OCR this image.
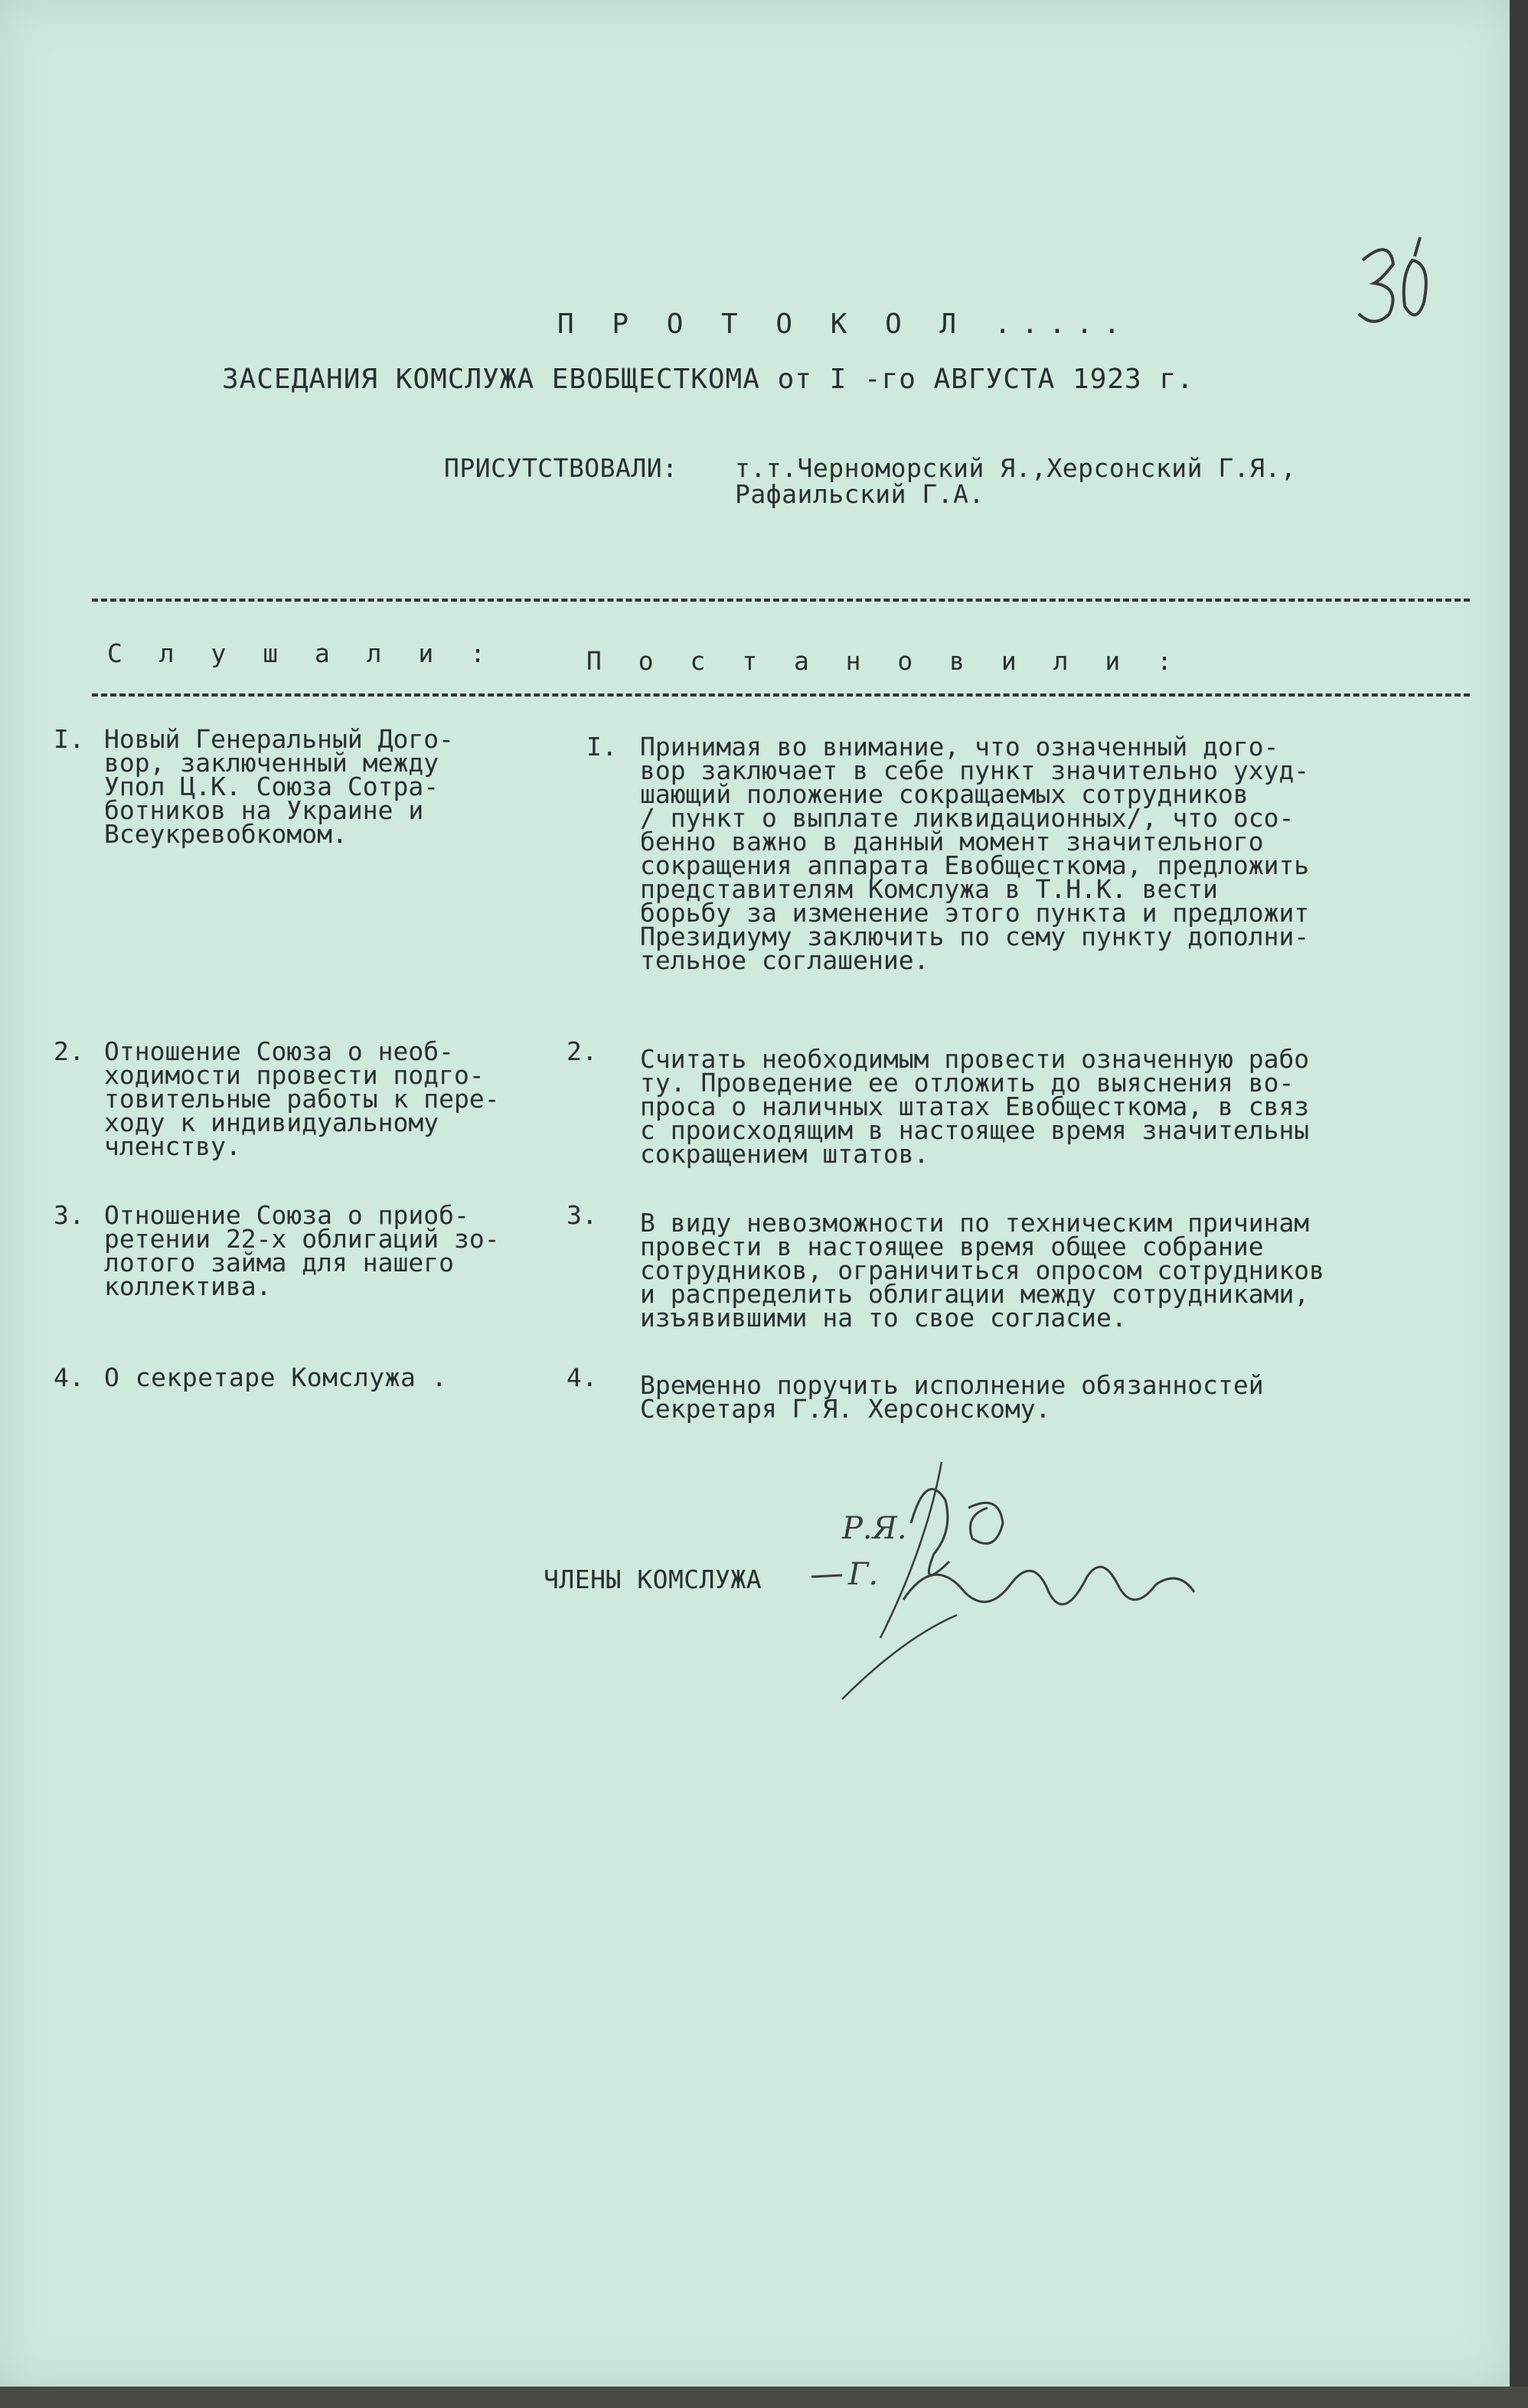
30
П Р О Т О К О Л .....
ЗАСЕДАНИЯ КОМСЛУЖА ЕВОБЩЕСТКОМА от I -го АВГУСТА 1923 г.
ПРИСУТСТВОВАЛИ: т.т.Черноморский Я.,Херсонский Г.Я.,
Рафаильский Г.А.
С л у ш а л и :	П о с т а н о в и л и :
I. Новый Генеральный Дого-
вор, заключенный между
Упол Ц.К. Союза Сотра-
ботников на Украине и
Всеукревобкомом.
I. Принимая во внимание, что означенный дого-
вор заключает в себе пункт значительно ухуд-
шающий положение сокращаемых сотрудников
/ пункт о выплате ликвидационных/, что осо-
бенно важно в данный момент значительного
сокращения аппарата Евобщесткома, предложить
представителям Комслужа в Т.Н.К. вести
борьбу за изменение этого пункта и предложит
Президиуму заключить по сему пункту дополни-
тельное соглашение.
2. Отношение Союза о необ-
ходимости провести подго-
товительные работы к пере-
ходу к индивидуальному
членству.
2. Считать необходимым провести означенную рабо
ту. Проведение ее отложить до выяснения во-
проса о наличных штатах Евобщесткома, в связ
с происходящим в настоящее время значительны
сокращением штатов.
3. Отношение Союза о приоб-
ретении 22-х облигаций зо-
лотого займа для нашего
коллектива.
3. В виду невозможности по техническим причинам
провести в настоящее время общее собрание
сотрудников, ограничиться опросом сотрудников
и распределить облигации между сотрудниками,
изъявившими на то свое согласие.
4. О секретаре Комслужа .	4. Временно поручить исполнение обязанностей
Секретаря Г.Я. Херсонскому.
ЧЛЕНЫ КОМСЛУЖА
Р.Я.
Г.
